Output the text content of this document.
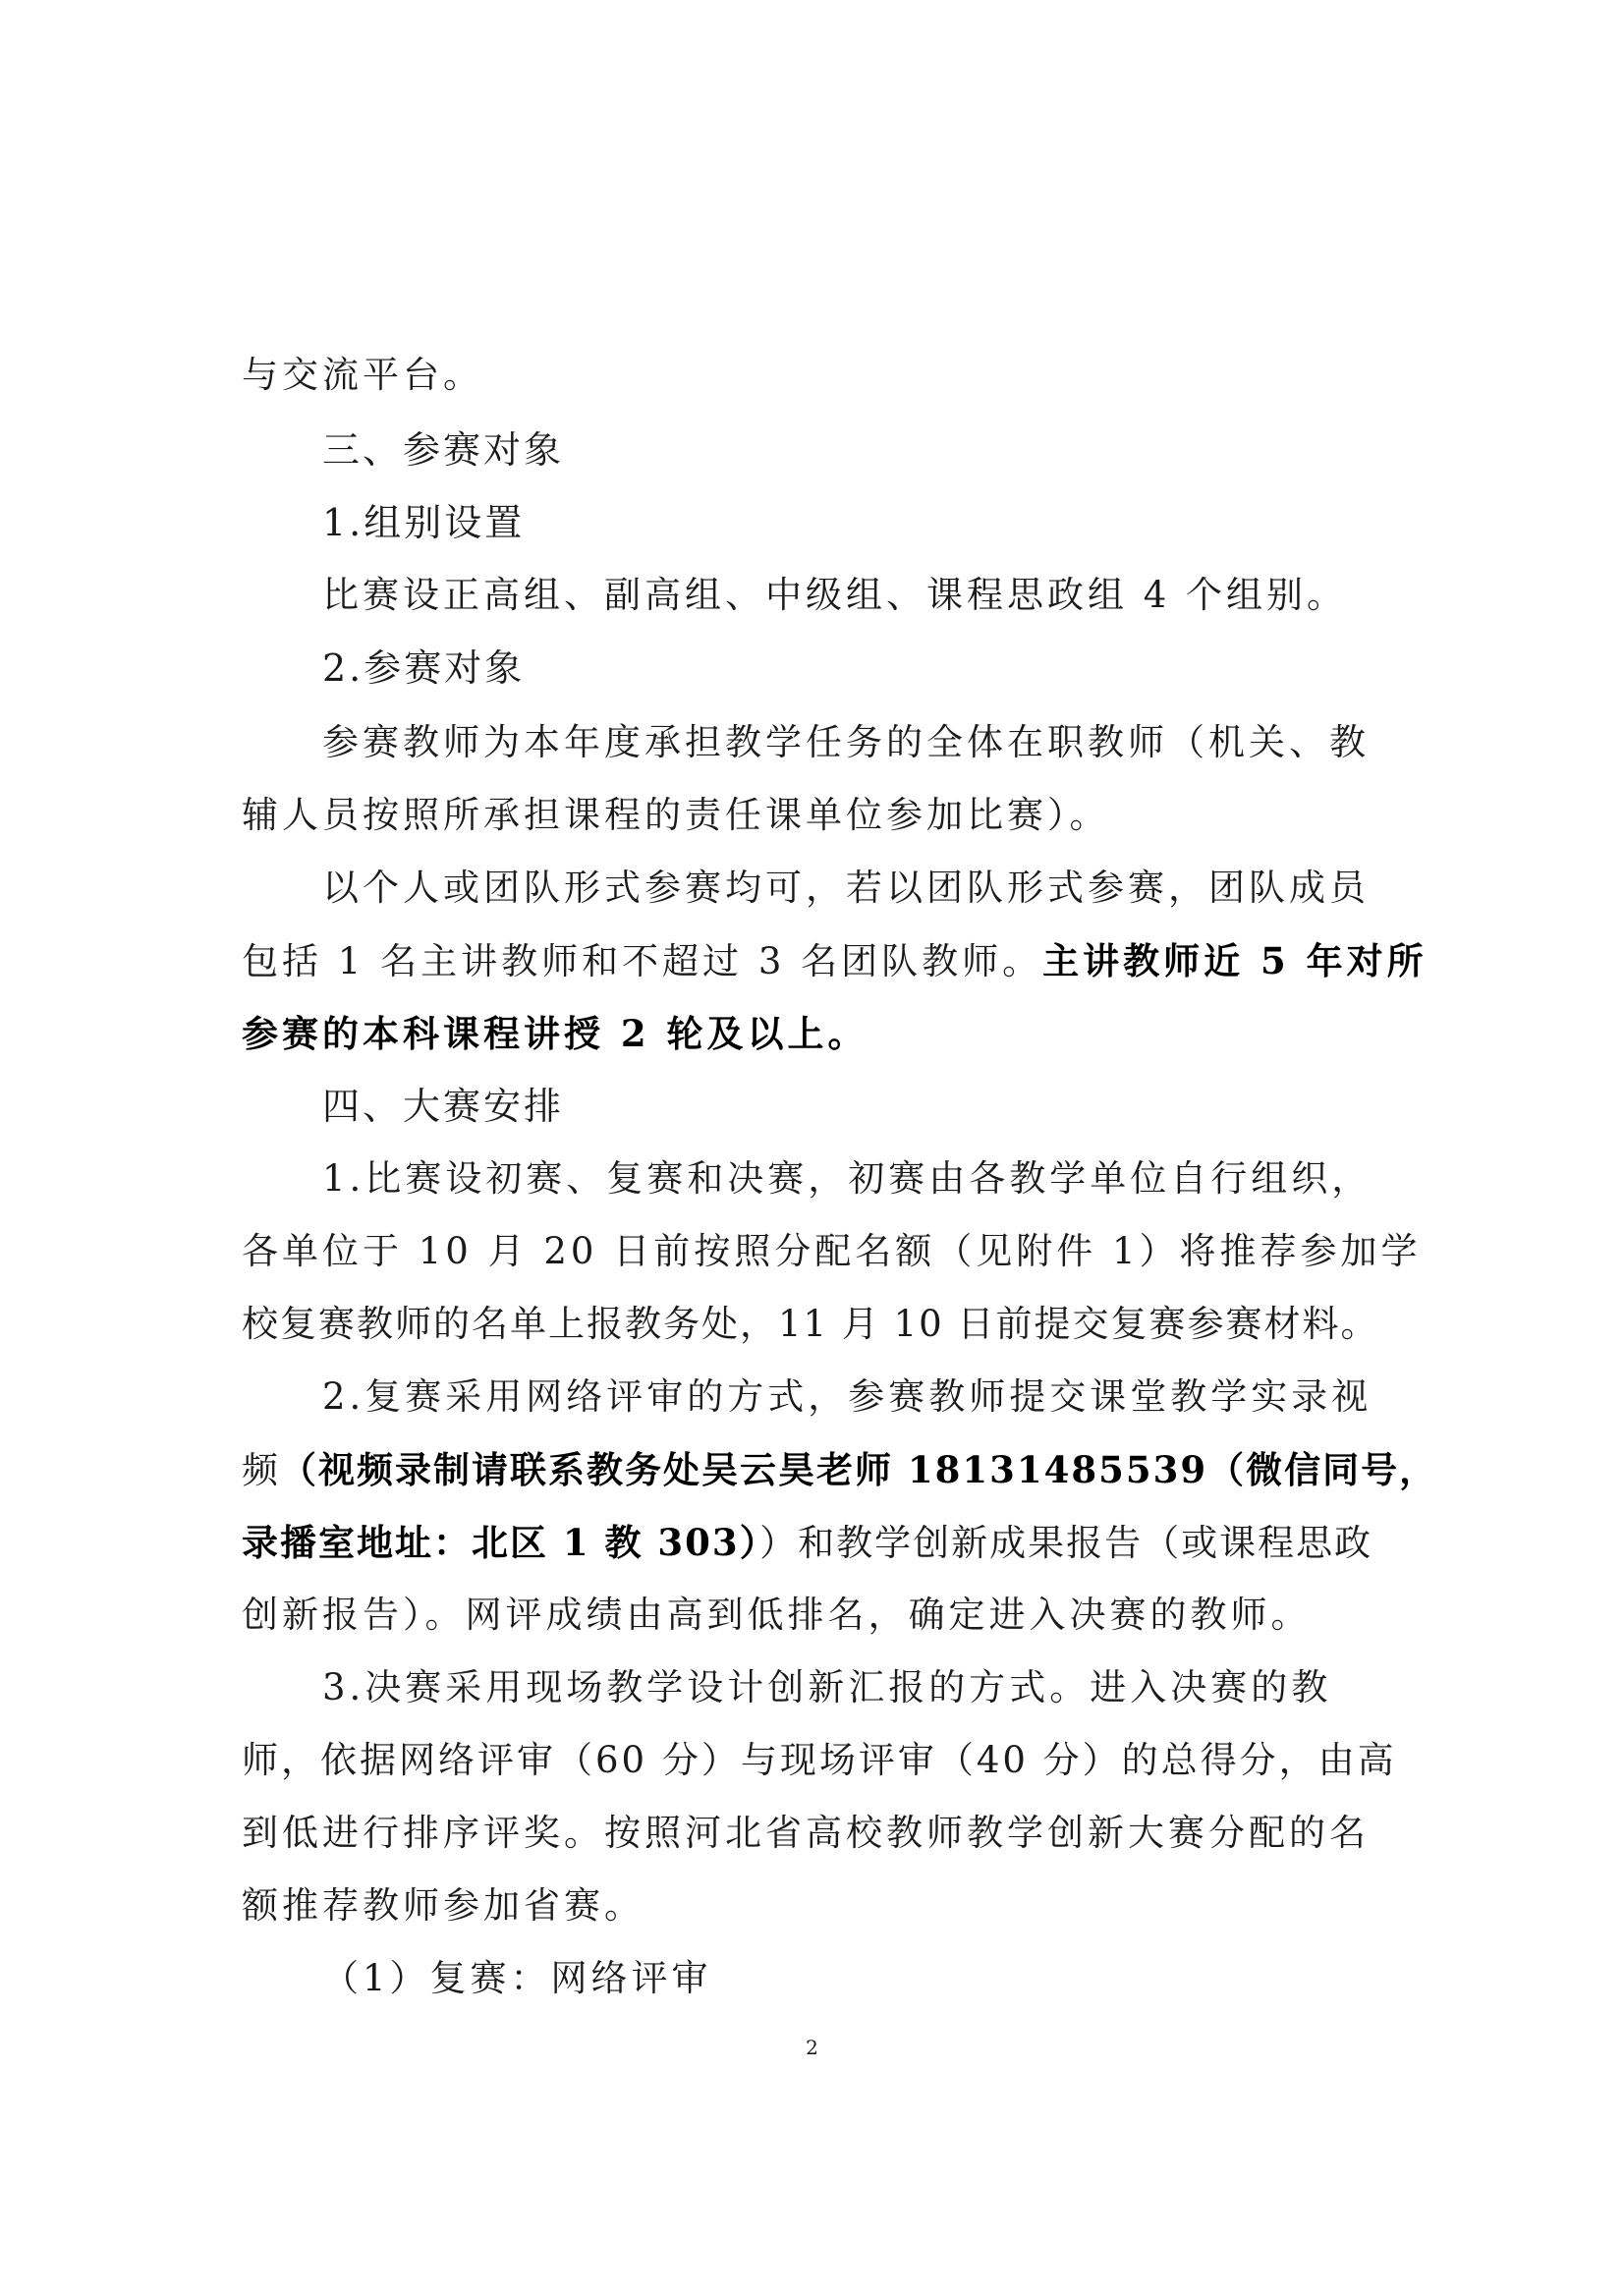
与交流平台。
三、参赛对象
1.组别设置
比赛设正高组、副高组、中级组、课程思政组 4 个组别。
2.参赛对象
参赛教师为本年度承担教学任务的全体在职教师（机关、教
辅人员按照所承担课程的责任课单位参加比赛）。
以个人或团队形式参赛均可，若以团队形式参赛，团队成员
包括 1 名主讲教师和不超过 3 名团队教师。主讲教师近 5 年对所
参赛的本科课程讲授 2 轮及以上。
四、大赛安排
1.比赛设初赛、复赛和决赛，初赛由各教学单位自行组织，
各单位于 10 月 20 日前按照分配名额（见附件 1）将推荐参加学
校复赛教师的名单上报教务处，11 月 10 日前提交复赛参赛材料。
2.复赛采用网络评审的方式，参赛教师提交课堂教学实录视
频（视频录制请联系教务处吴云昊老师 18131485539（微信同号，
录播室地址：北区 1 教 303））和教学创新成果报告（或课程思政
创新报告）。网评成绩由高到低排名，确定进入决赛的教师。
3.决赛采用现场教学设计创新汇报的方式。进入决赛的教
师，依据网络评审（60 分）与现场评审（40 分）的总得分，由高
到低进行排序评奖。按照河北省高校教师教学创新大赛分配的名
额推荐教师参加省赛。
（1）复赛：网络评审
2
